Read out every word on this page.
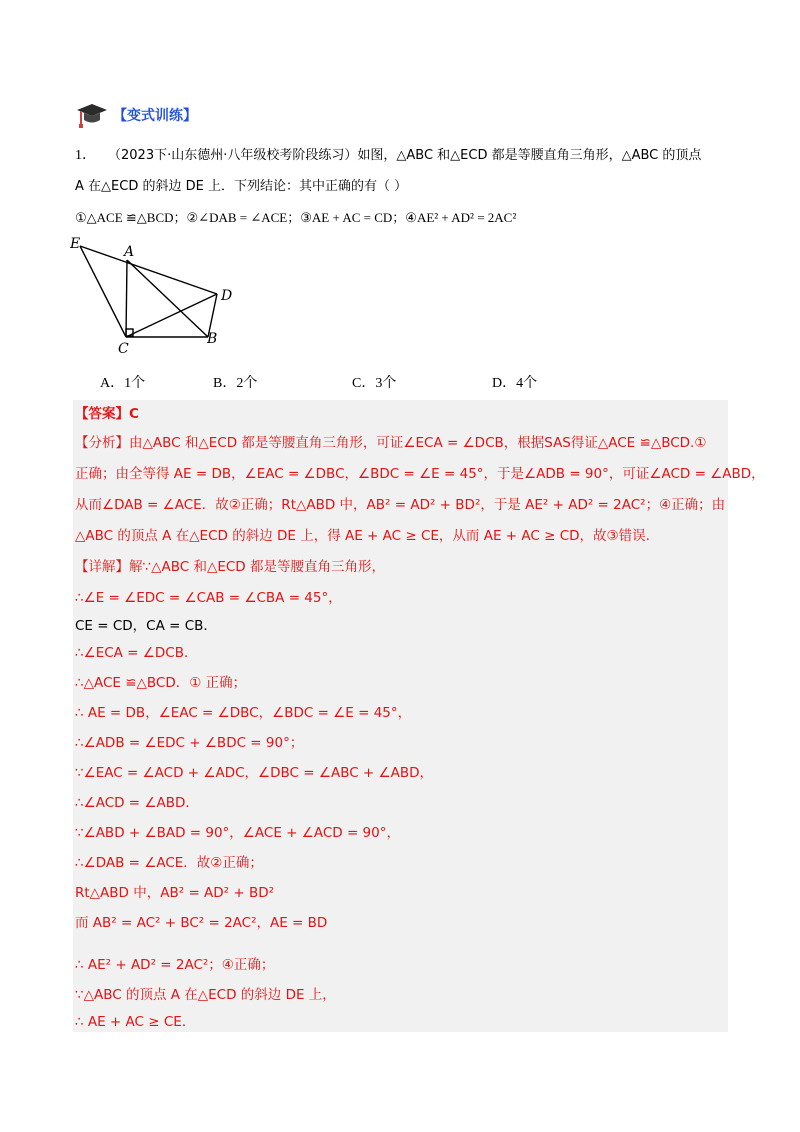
【变式训练】
1． （2023下·山东德州·八年级校考阶段练习）如图，△ABC 和△ECD 都是等腰直角三角形，△ABC 的顶点
A 在△ECD 的斜边 DE 上．下列结论：其中正确的有（ ）
①△ACE ≌△BCD；②∠DAB = ∠ACE；③AE + AC = CD；④AE² + AD² = 2AC²
E	A
D
C
B
A．1个	B．2个	C．3个	D．4个
【答案】C
【分析】由△ABC 和△ECD 都是等腰直角三角形，可证∠ECA = ∠DCB，根据SAS得证△ACE ≌△BCD.①
正确；由全等得 AE = DB，∠EAC = ∠DBC，∠BDC = ∠E = 45°，于是∠ADB = 90°，可证∠ACD = ∠ABD，
从而∠DAB = ∠ACE．故②正确；Rt△ABD 中，AB² = AD² + BD²，于是 AE² + AD² = 2AC²；④正确；由
△ABC 的顶点 A 在△ECD 的斜边 DE 上，得 AE + AC ≥ CE，从而 AE + AC ≥ CD，故③错误.
【详解】解∵△ABC 和△ECD 都是等腰直角三角形，
∴∠E = ∠EDC = ∠CAB = ∠CBA = 45°，
CE = CD，CA = CB．
∴∠ECA = ∠DCB．
∴△ACE ≌△BCD．① 正确；
∴ AE = DB，∠EAC = ∠DBC，∠BDC = ∠E = 45°，
∴∠ADB = ∠EDC + ∠BDC = 90°；
∵∠EAC = ∠ACD + ∠ADC，∠DBC = ∠ABC + ∠ABD，
∴∠ACD = ∠ABD．
∵∠ABD + ∠BAD = 90°，∠ACE + ∠ACD = 90°，
∴∠DAB = ∠ACE．故②正确；
Rt△ABD 中，AB² = AD² + BD²
而 AB² = AC² + BC² = 2AC²，AE = BD
∴ AE² + AD² = 2AC²；④正确；
∵△ABC 的顶点 A 在△ECD 的斜边 DE 上，
∴ AE + AC ≥ CE．
